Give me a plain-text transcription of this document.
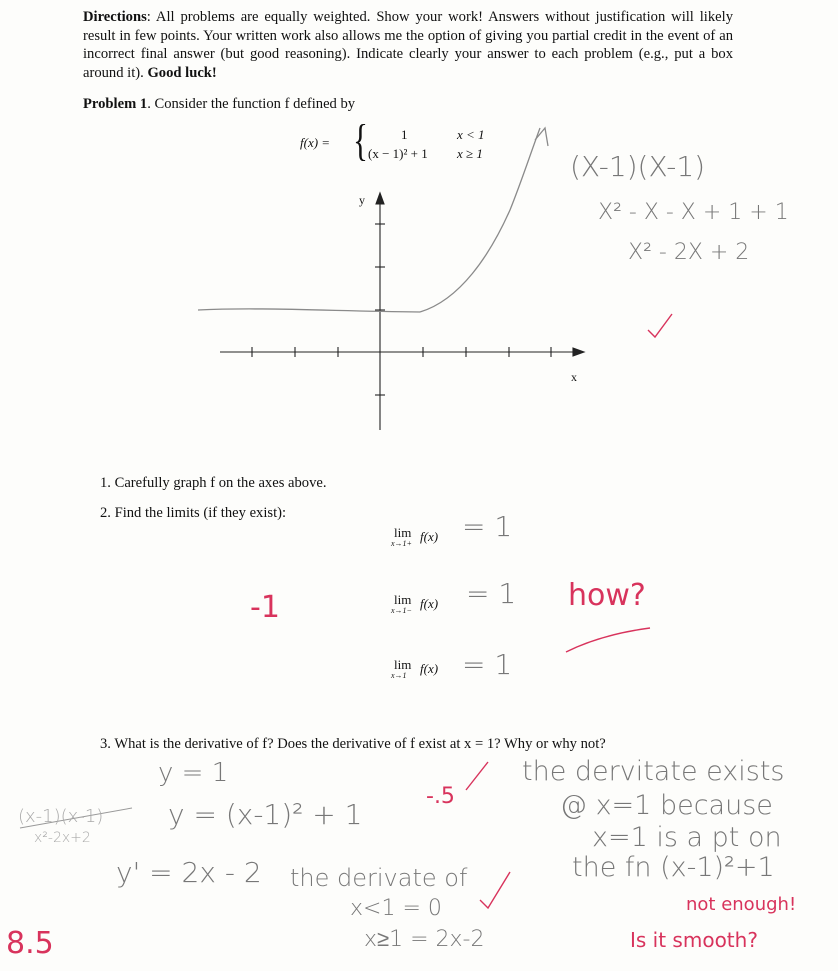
Directions: All problems are equally weighted. Show your work! Answers without justification will likely result in few points. Your written work also allows me the option of giving you partial credit in the event of an incorrect final answer (but good reasoning). Indicate clearly your answer to each problem (e.g., put a box around it). Good luck!
Problem 1. Consider the function f defined by
f(x) = {	1	x < 1
(x − 1)² + 1 x ≥ 1
y
x
1. Carefully graph f on the axes above.
2. Find the limits (if they exist):
3. What is the derivative of f? Does the derivative of f exist at x = 1? Why or why not?
lim
x→1+ f(x)
lim
x→1− f(x)
lim
x→1 f(x)
(X-1)(X-1)
X² - X - X + 1 + 1
X² - 2X + 2
= 1
= 1
= 1
y = 1
y = (x-1)² + 1
y' = 2x - 2 the derivate of
x<1 = 0
x≥1 = 2x-2
the dervitate exists
@ x=1 because
x=1 is a pt on
the fn (x-1)²+1
(x-1)(x-1)
x²-2x+2
-1	how?
-.5
not enough!
Is it smooth?
8.5
